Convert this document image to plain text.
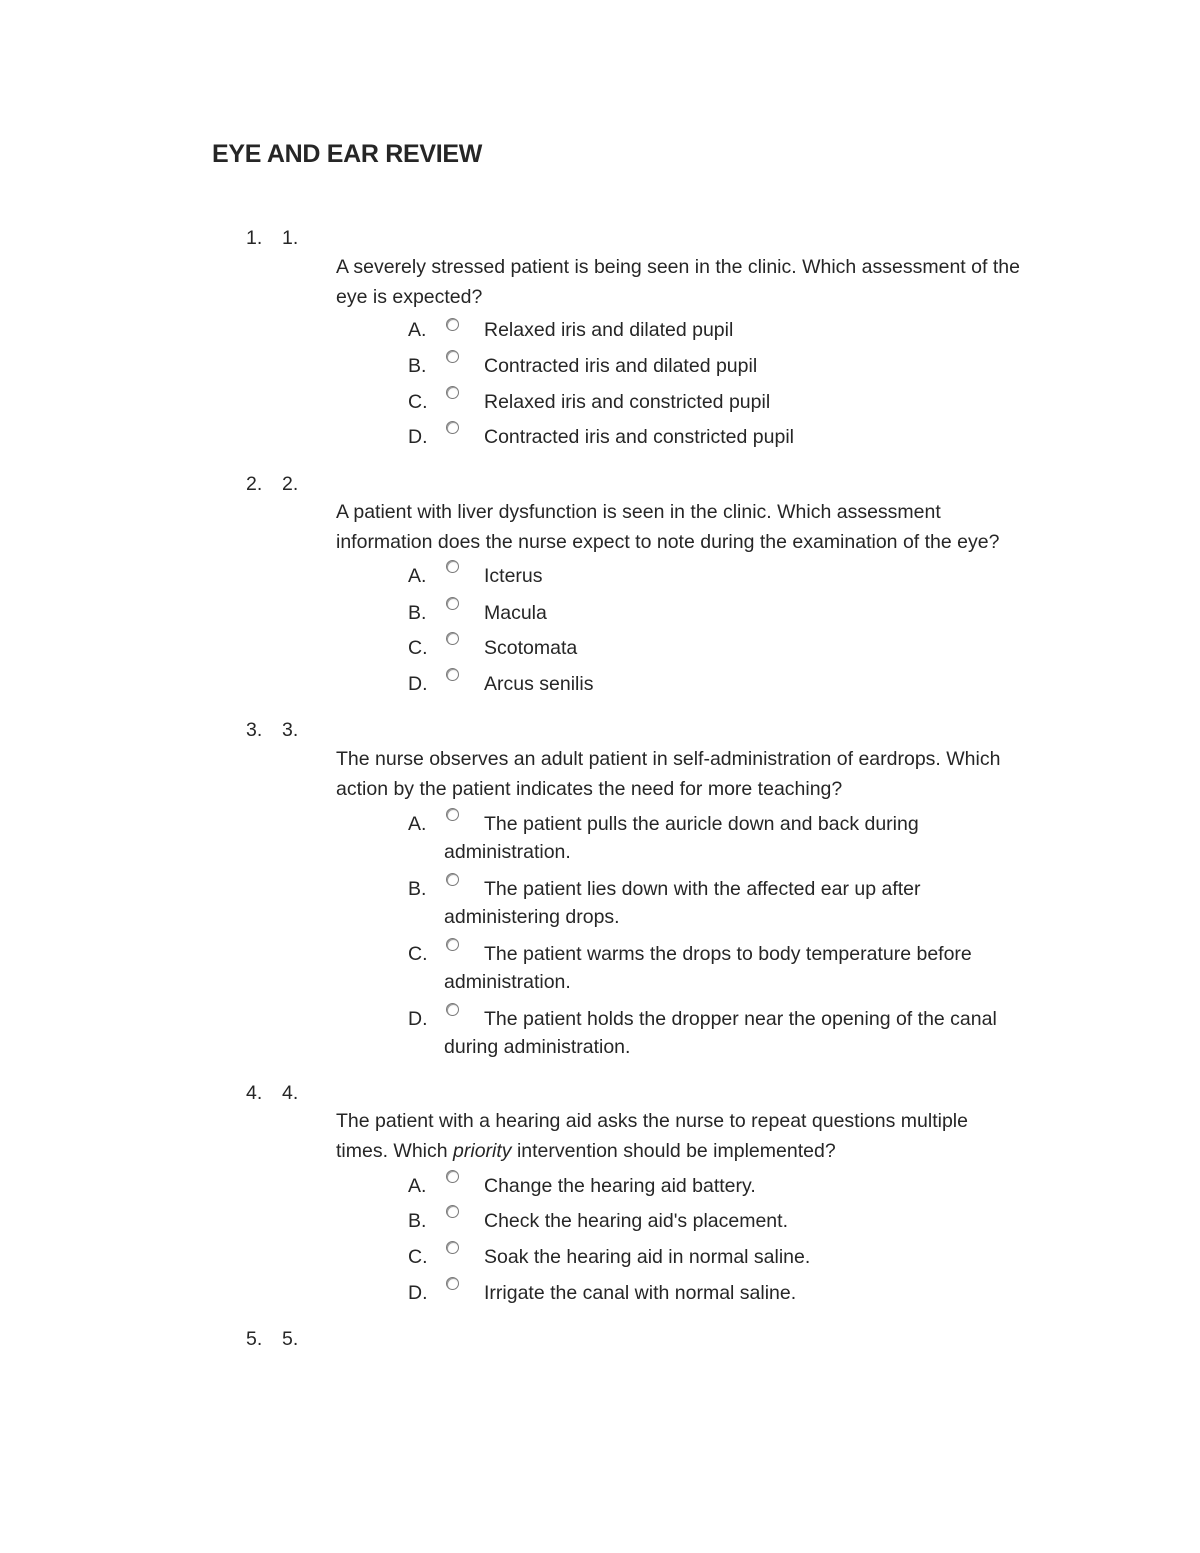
EYE AND EAR REVIEW
1. 1.
A severely stressed patient is being seen in the clinic. Which assessment of the
eye is expected?
A.	Relaxed iris and dilated pupil
B.	Contracted iris and dilated pupil
C.	Relaxed iris and constricted pupil
D.	Contracted iris and constricted pupil
2. 2.
A patient with liver dysfunction is seen in the clinic. Which assessment
information does the nurse expect to note during the examination of the eye?
A.	Icterus
B.	Macula
C.	Scotomata
D.	Arcus senilis
3. 3.
The nurse observes an adult patient in self-administration of eardrops. Which
action by the patient indicates the need for more teaching?
A.	The patient pulls the auricle down and back during
administration.
B.	The patient lies down with the affected ear up after
administering drops.
C.	The patient warms the drops to body temperature before
administration.
D.	The patient holds the dropper near the opening of the canal
during administration.
4. 4.
The patient with a hearing aid asks the nurse to repeat questions multiple
times. Which priority intervention should be implemented?
A.	Change the hearing aid battery.
B.	Check the hearing aid's placement.
C.	Soak the hearing aid in normal saline.
D.	Irrigate the canal with normal saline.
5. 5.
